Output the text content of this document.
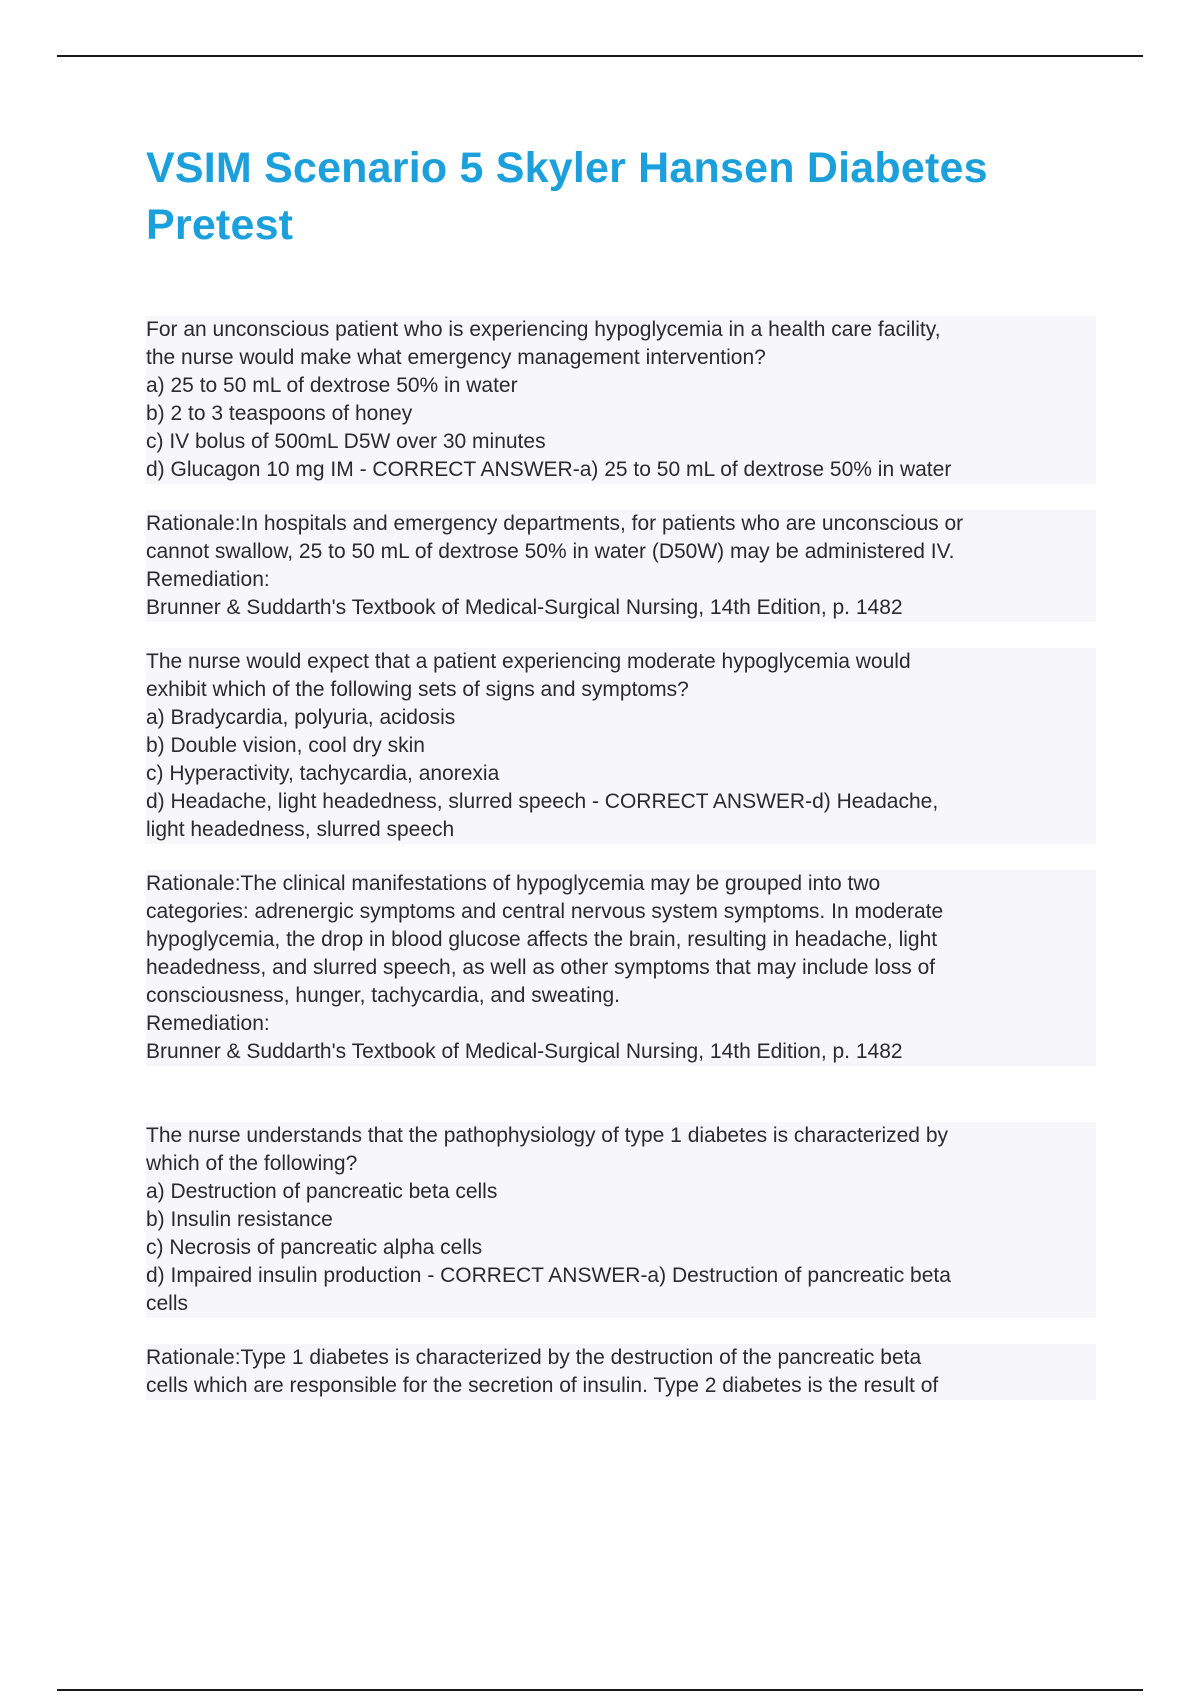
VSIM Scenario 5 Skyler Hansen Diabetes Pretest
For an unconscious patient who is experiencing hypoglycemia in a health care facility,
the nurse would make what emergency management intervention?
a) 25 to 50 mL of dextrose 50% in water
b) 2 to 3 teaspoons of honey
c) IV bolus of 500mL D5W over 30 minutes
d) Glucagon 10 mg IM - CORRECT ANSWER-a) 25 to 50 mL of dextrose 50% in water
Rationale:In hospitals and emergency departments, for patients who are unconscious or
cannot swallow, 25 to 50 mL of dextrose 50% in water (D50W) may be administered IV.
Remediation:
Brunner & Suddarth's Textbook of Medical-Surgical Nursing, 14th Edition, p. 1482
The nurse would expect that a patient experiencing moderate hypoglycemia would
exhibit which of the following sets of signs and symptoms?
a) Bradycardia, polyuria, acidosis
b) Double vision, cool dry skin
c) Hyperactivity, tachycardia, anorexia
d) Headache, light headedness, slurred speech - CORRECT ANSWER-d) Headache,
light headedness, slurred speech
Rationale:The clinical manifestations of hypoglycemia may be grouped into two
categories: adrenergic symptoms and central nervous system symptoms. In moderate
hypoglycemia, the drop in blood glucose affects the brain, resulting in headache, light
headedness, and slurred speech, as well as other symptoms that may include loss of
consciousness, hunger, tachycardia, and sweating.
Remediation:
Brunner & Suddarth's Textbook of Medical-Surgical Nursing, 14th Edition, p. 1482
The nurse understands that the pathophysiology of type 1 diabetes is characterized by
which of the following?
a) Destruction of pancreatic beta cells
b) Insulin resistance
c) Necrosis of pancreatic alpha cells
d) Impaired insulin production - CORRECT ANSWER-a) Destruction of pancreatic beta
cells
Rationale:Type 1 diabetes is characterized by the destruction of the pancreatic beta
cells which are responsible for the secretion of insulin. Type 2 diabetes is the result of
